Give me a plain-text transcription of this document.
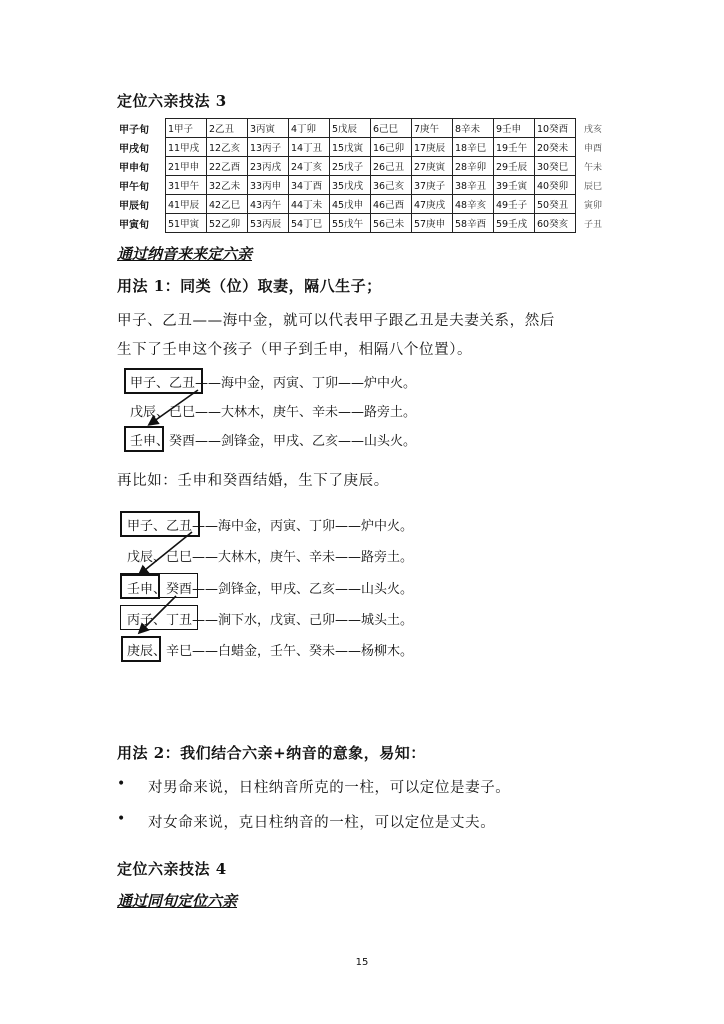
定位六亲技法 3
甲子旬	1甲子	2乙丑	3丙寅	4丁卯	5戊辰	6己巳	7庚午	8辛未	9壬申	10癸酉	戌亥
甲戌旬	11甲戌	12乙亥	13丙子	14丁丑	15戊寅	16己卯	17庚辰	18辛巳	19壬午	20癸未	申酉
甲申旬	21甲申	22乙酉	23丙戌	24丁亥	25戊子	26己丑	27庚寅	28辛卯	29壬辰	30癸巳	午未
甲午旬	31甲午	32乙未	33丙申	34丁酉	35戊戌	36己亥	37庚子	38辛丑	39壬寅	40癸卯	辰巳
甲辰旬	41甲辰	42乙巳	43丙午	44丁未	45戊申	46己酉	47庚戌	48辛亥	49壬子	50癸丑	寅卯
甲寅旬	51甲寅	52乙卯	53丙辰	54丁巳	55戊午	56己未	57庚申	58辛酉	59壬戌	60癸亥	子丑
通过纳音来来定六亲
用法 1：同类（位）取妻，隔八生子；
甲子、乙丑——海中金，就可以代表甲子跟乙丑是夫妻关系，然后
生下了壬申这个孩子（甲子到壬申，相隔八个位置）。
甲子、乙丑——海中金，丙寅、丁卯——炉中火。
戊辰、己巳——大林木，庚午、辛未——路旁土。
壬申、癸酉——剑锋金，甲戌、乙亥——山头火。
再比如：壬申和癸酉结婚，生下了庚辰。
甲子、乙丑——海中金，丙寅、丁卯——炉中火。
戊辰、己巳——大林木，庚午、辛未——路旁土。
壬申、癸酉——剑锋金，甲戌、乙亥——山头火。
丙子、丁丑——涧下水，戊寅、己卯——城头土。
庚辰、辛巳——白蜡金，壬午、癸未——杨柳木。
用法 2：我们结合六亲+纳音的意象，易知：
• 对男命来说，日柱纳音所克的一柱，可以定位是妻子。
• 对女命来说，克日柱纳音的一柱，可以定位是丈夫。
定位六亲技法 4
通过同旬定位六亲
15
